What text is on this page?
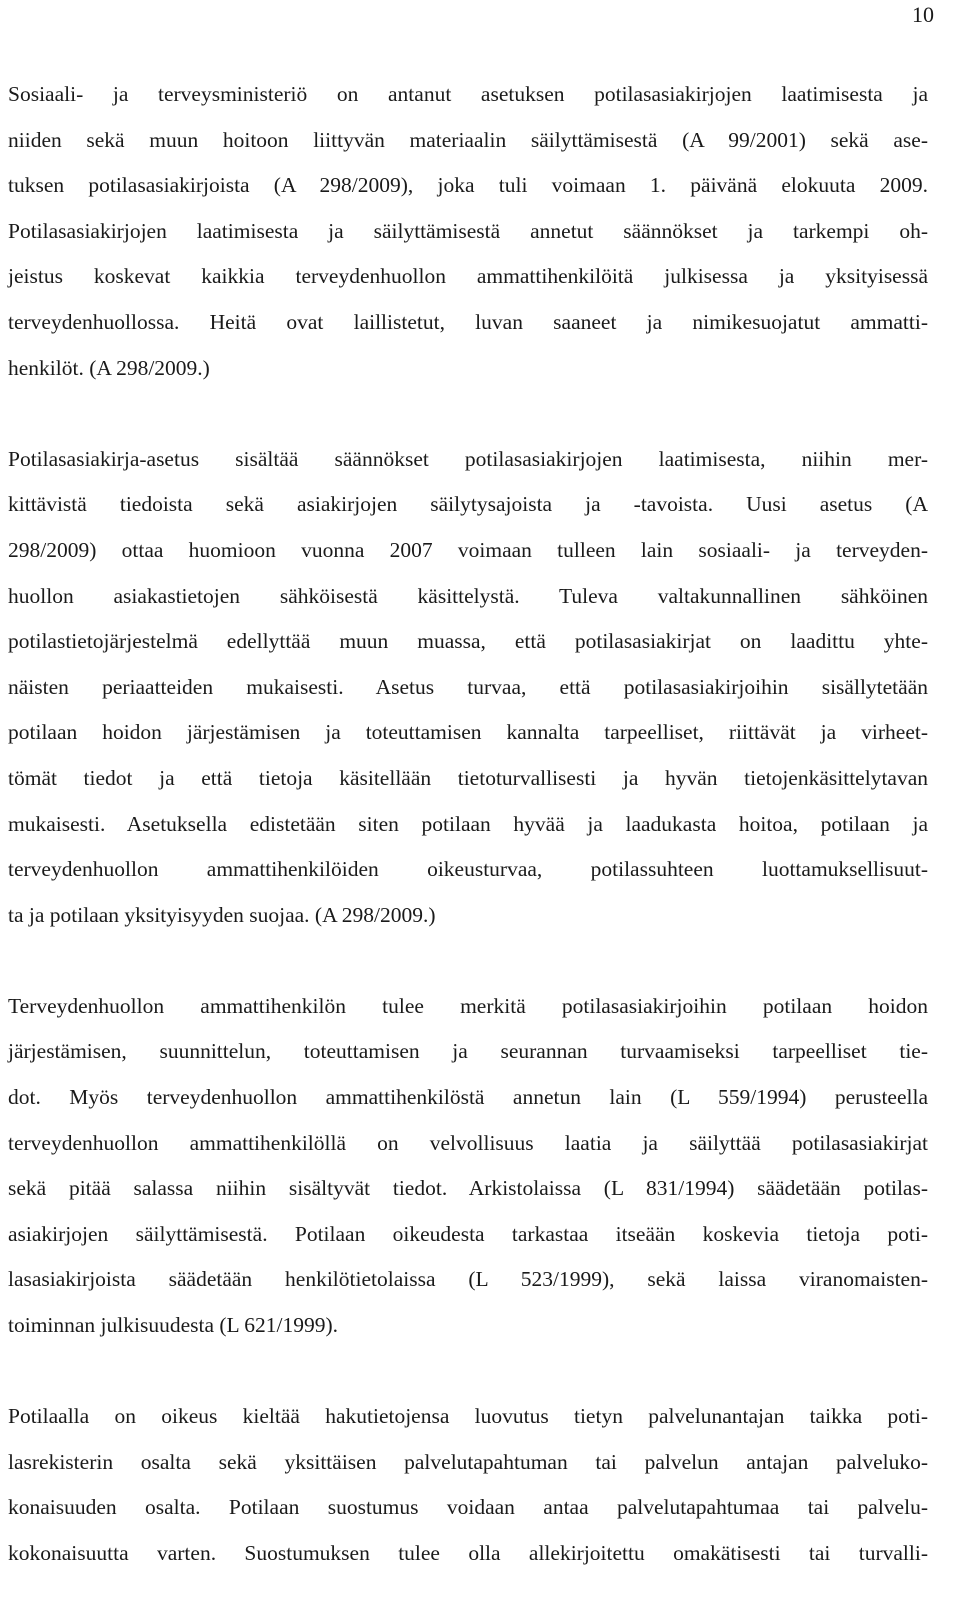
10
Sosiaali- ja terveysministeriö on antanut asetuksen potilasasiakirjojen laatimisesta ja
niiden sekä muun hoitoon liittyvän materiaalin säilyttämisestä (A 99/2001) sekä ase-
tuksen potilasasiakirjoista (A 298/2009), joka tuli voimaan 1. päivänä elokuuta 2009.
Potilasasiakirjojen laatimisesta ja säilyttämisestä annetut säännökset ja tarkempi oh-
jeistus koskevat kaikkia terveydenhuollon ammattihenkilöitä julkisessa ja yksityisessä
terveydenhuollossa. Heitä ovat laillistetut, luvan saaneet ja nimikesuojatut ammatti-
henkilöt. (A 298/2009.)
Potilasasiakirja-asetus sisältää säännökset potilasasiakirjojen laatimisesta, niihin mer-
kittävistä tiedoista sekä asiakirjojen säilytysajoista ja -tavoista. Uusi asetus (A
298/2009) ottaa huomioon vuonna 2007 voimaan tulleen lain sosiaali- ja terveyden-
huollon asiakastietojen sähköisestä käsittelystä. Tuleva valtakunnallinen sähköinen
potilastietojärjestelmä edellyttää muun muassa, että potilasasiakirjat on laadittu yhte-
näisten periaatteiden mukaisesti. Asetus turvaa, että potilasasiakirjoihin sisällytetään
potilaan hoidon järjestämisen ja toteuttamisen kannalta tarpeelliset, riittävät ja virheet-
tömät tiedot ja että tietoja käsitellään tietoturvallisesti ja hyvän tietojenkäsittelytavan
mukaisesti. Asetuksella edistetään siten potilaan hyvää ja laadukasta hoitoa, potilaan ja
terveydenhuollon ammattihenkilöiden oikeusturvaa, potilassuhteen luottamuksellisuut-
ta ja potilaan yksityisyyden suojaa. (A 298/2009.)
Terveydenhuollon ammattihenkilön tulee merkitä potilasasiakirjoihin potilaan hoidon
järjestämisen, suunnittelun, toteuttamisen ja seurannan turvaamiseksi tarpeelliset tie-
dot. Myös terveydenhuollon ammattihenkilöstä annetun lain (L 559/1994) perusteella
terveydenhuollon ammattihenkilöllä on velvollisuus laatia ja säilyttää potilasasiakirjat
sekä pitää salassa niihin sisältyvät tiedot. Arkistolaissa (L 831/1994) säädetään potilas-
asiakirjojen säilyttämisestä. Potilaan oikeudesta tarkastaa itseään koskevia tietoja poti-
lasasiakirjoista säädetään henkilötietolaissa (L 523/1999), sekä laissa viranomaisten-
toiminnan julkisuudesta (L 621/1999).
Potilaalla on oikeus kieltää hakutietojensa luovutus tietyn palvelunantajan taikka poti-
lasrekisterin osalta sekä yksittäisen palvelutapahtuman tai palvelun antajan palveluko-
konaisuuden osalta. Potilaan suostumus voidaan antaa palvelutapahtumaa tai palvelu-
kokonaisuutta varten. Suostumuksen tulee olla allekirjoitettu omakätisesti tai turvalli-
